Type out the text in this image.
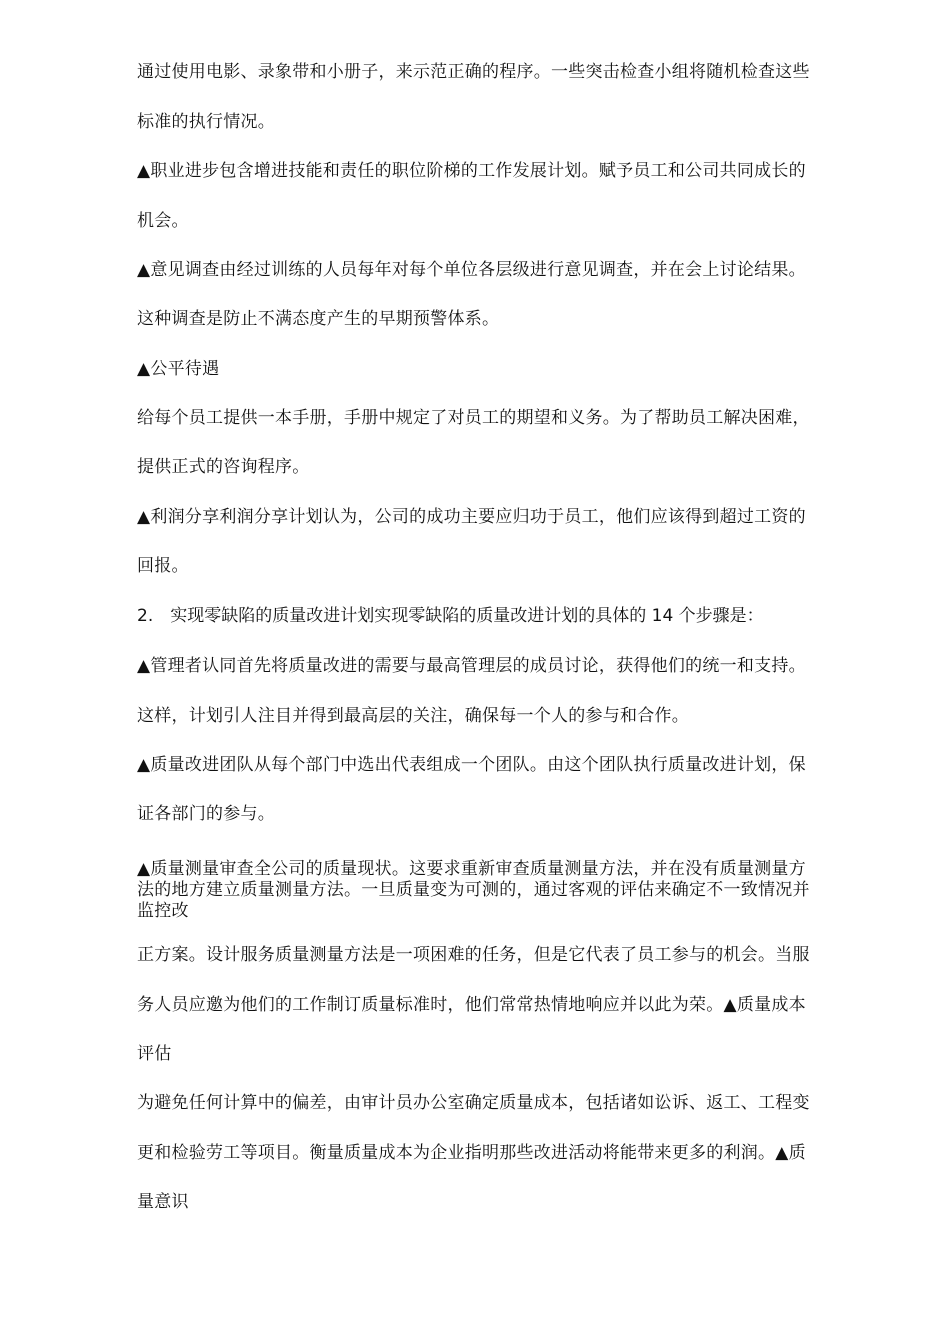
通过使用电影、录象带和小册子，来示范正确的程序。一些突击检查小组将随机检查这些
标准的执行情况。
▲职业进步包含增进技能和责任的职位阶梯的工作发展计划。赋予员工和公司共同成长的
机会。
▲意见调查由经过训练的人员每年对每个单位各层级进行意见调查，并在会上讨论结果。
这种调查是防止不满态度产生的早期预警体系。
▲公平待遇
给每个员工提供一本手册，手册中规定了对员工的期望和义务。为了帮助员工解决困难，
提供正式的咨询程序。
▲利润分享利润分享计划认为，公司的成功主要应归功于员工，他们应该得到超过工资的
回报。
2.　实现零缺陷的质量改进计划实现零缺陷的质量改进计划的具体的 14 个步骤是：
▲管理者认同首先将质量改进的需要与最高管理层的成员讨论，获得他们的统一和支持。
这样，计划引人注目并得到最高层的关注，确保每一个人的参与和合作。
▲质量改进团队从每个部门中选出代表组成一个团队。由这个团队执行质量改进计划，保
证各部门的参与。
▲质量测量审查全公司的质量现状。这要求重新审查质量测量方法，并在没有质量测量方
法的地方建立质量测量方法。一旦质量变为可测的，通过客观的评估来确定不一致情况并
监控改
正方案。设计服务质量测量方法是一项困难的任务，但是它代表了员工参与的机会。当服
务人员应邀为他们的工作制订质量标准时，他们常常热情地响应并以此为荣。▲质量成本
评估
为避免任何计算中的偏差，由审计员办公室确定质量成本，包括诸如讼诉、返工、工程变
更和检验劳工等项目。衡量质量成本为企业指明那些改进活动将能带来更多的利润。▲质
量意识
